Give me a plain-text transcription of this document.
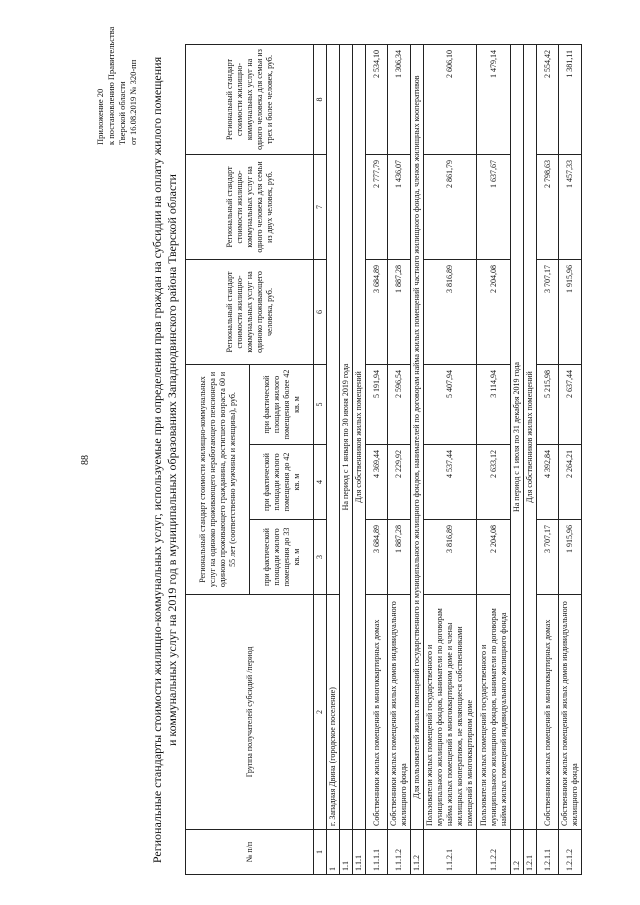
88
Приложение 20 к постановлению Правительства Тверской области от 16.08.2019 № 320-пп Региональные стандарты стоимости жилищно-коммунальных услуг, используемые при определении прав граждан на субсидии на оплату жилого помещения и коммунальных услуг на 2019 год в муниципальных образованиях Западнодвинского района Тверской области
№ п/п	Группа получателей субсидий /период	Региональный стандарт стоимости жилищно-коммунальных услуг на одиноко проживающего неработающего пенсионера и одиноко проживающего гражданина, достигшего возраста 60 и 55 лет (соответственно мужчины и женщины), руб.			Региональный стандарт стоимости жилищно-коммунальных услуг на одиноко проживающего человека, руб.	Региональный стандарт стоимости жилищно-коммунальных услуг на одного человека для семьи из двух человек, руб.	Региональный стандарт стоимости жилищно-коммунальных услуг на одного человека для семьи из трех и более человек, руб.
		при фактической площади жилого помещения до 33 кв. м	при фактической площади жилого помещения до 42 кв. м	при фактической площади жилого помещения более 42 кв. м			
1	2	3	4	5	6	7	8
1	г. Западная Двина (городское поселение)						
1.1	На период с 1 января по 30 июня 2019 года						
1.1.1	Для собственников жилых помещений						
1.1.1.1	Собственники жилых помещений в многоквартирных домах	3 684,89	4 369,44	5 191,94	3 684,89	2 777,79	2 534,10
1.1.1.2	Собственники жилых помещений жилых домов индивидуального жилищного фонда	1 887,28	2 229,92	2 596,54	1 887,28	1 436,07	1 306,34
1.1.2	Для пользователей жилых помещений государственного и муниципального жилищного фондов, нанимателей по договорам найма жилых помещений частного жилищного фонда, членов жилищных кооперативов						
1.1.2.1	Пользователи жилых помещений государственного и муниципального жилищного фондов, наниматели по договорам найма жилых помещений в многоквартирном доме и члены жилищных кооперативов, не являющиеся собственниками помещений в многоквартирном доме	3 816,89	4 537,44	5 407,94	3 816,89	2 861,79	2 606,10
1.1.2.2	Пользователи жилых помещений государственного и муниципального жилищного фондов, наниматели по договорам найма жилых помещений индивидуального жилищного фонда	2 204,08	2 633,12	3 114,94	2 204,08	1 637,67	1 479,14
1.2	На период с 1 июля по 31 декабря 2019 года						
1.2.1	Для собственников жилых помещений						
1.2.1.1	Собственники жилых помещений в многоквартирных домах	3 707,17	4 392,84	5 215,98	3 707,17	2 798,63	2 554,42
1.2.1.2	Собственники жилых помещений жилых домов индивидуального жилищного фонда	1 915,96	2 264,21	2 637,44	1 915,96	1 457,33	1 381,11
